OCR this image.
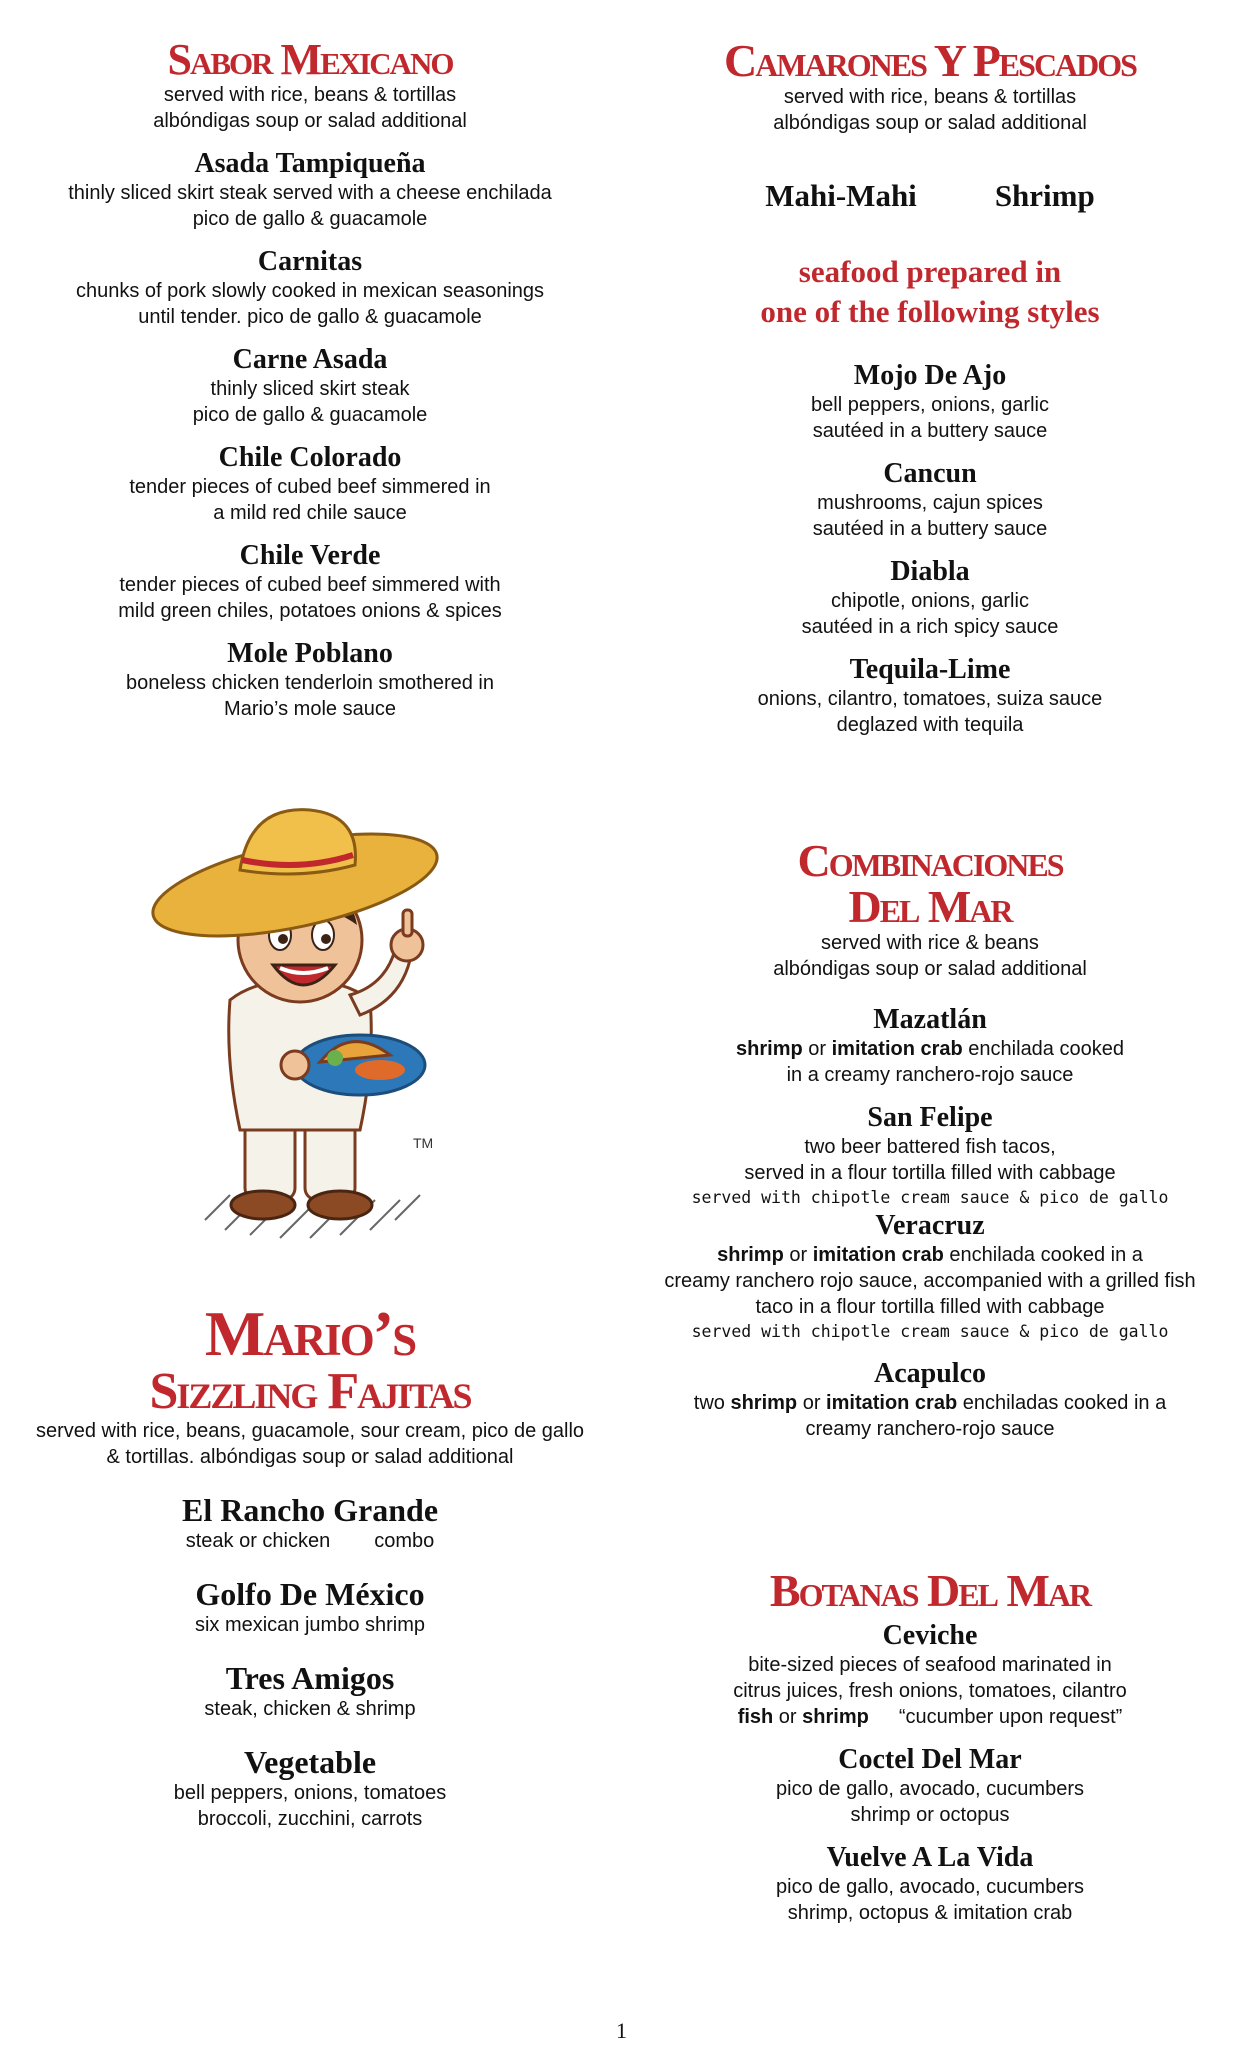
Sabor Mexicano

served with rice, beans & tortillas

albóndigas soup or salad additional

Asada Tampiqueña

thinly sliced skirt steak served with a cheese enchilada

pico de gallo & guacamole

Carnitas

chunks of pork slowly cooked in mexican seasonings

until tender. pico de gallo & guacamole

Carne Asada

thinly sliced skirt steak

pico de gallo & guacamole

Chile Colorado

tender pieces of cubed beef simmered in

a mild red chile sauce

Chile Verde

tender pieces of cubed beef simmered with

mild green chiles, potatoes onions & spices

Mole Poblano

boneless chicken tenderloin smothered in

Mario’s mole sauce

TM
Mario’s
Sizzling Fajitas

served with rice, beans, guacamole, sour cream, pico de gallo

& tortillas. albóndigas soup or salad additional

El Rancho Grande

steak or chicken combo

Golfo De México

six mexican jumbo shrimp

Tres Amigos

steak, chicken & shrimp

Vegetable

bell peppers, onions, tomatoes

broccoli, zucchini, carrots

Camarones Y Pescados

served with rice, beans & tortillas

albóndigas soup or salad additional

Mahi-Mahi	Shrimp
seafood prepared in
one of the following styles

Mojo De Ajo

bell peppers, onions, garlic

sautéed in a buttery sauce

Cancun

mushrooms, cajun spices

sautéed in a buttery sauce

Diabla

chipotle, onions, garlic

sautéed in a rich spicy sauce

Tequila-Lime

onions, cilantro, tomatoes, suiza sauce

deglazed with tequila

Combinaciones
Del Mar

served with rice & beans

albóndigas soup or salad additional

Mazatlán

shrimp or imitation crab enchilada cooked

in a creamy ranchero-rojo sauce

San Felipe

two beer battered fish tacos,

served in a flour tortilla filled with cabbage

served with chipotle cream sauce & pico de gallo

Veracruz

shrimp or imitation crab enchilada cooked in a

creamy ranchero rojo sauce, accompanied with a grilled fish

taco in a flour tortilla filled with cabbage

served with chipotle cream sauce & pico de gallo

Acapulco

two shrimp or imitation crab enchiladas cooked in a

creamy ranchero-rojo sauce

Botanas Del Mar

Ceviche

bite-sized pieces of seafood marinated in

citrus juices, fresh onions, tomatoes, cilantro

fish or shrimp “cucumber upon request”

Coctel Del Mar

pico de gallo, avocado, cucumbers

shrimp or octopus

Vuelve A La Vida

pico de gallo, avocado, cucumbers

shrimp, octopus & imitation crab

1
